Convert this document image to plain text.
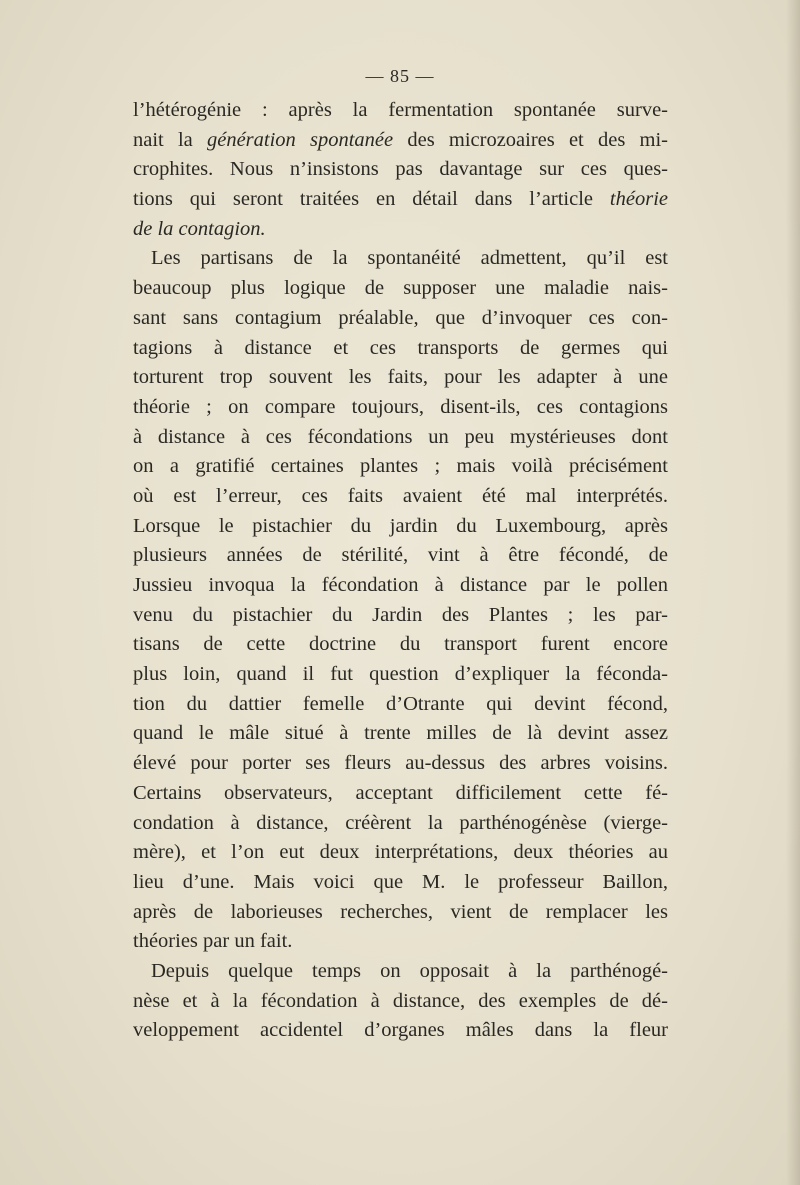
— 85 —
l’hétérogénie : après la fermentation spontanée surve-
nait la génération spontanée des microzoaires et des mi-
crophites. Nous n’insistons pas davantage sur ces ques-
tions qui seront traitées en détail dans l’article théorie
de la contagion.
Les partisans de la spontanéité admettent, qu’il est
beaucoup plus logique de supposer une maladie nais-
sant sans contagium préalable, que d’invoquer ces con-
tagions à distance et ces transports de germes qui
torturent trop souvent les faits, pour les adapter à une
théorie ; on compare toujours, disent-ils, ces contagions
à distance à ces fécondations un peu mystérieuses dont
on a gratifié certaines plantes ; mais voilà précisément
où est l’erreur, ces faits avaient été mal interprétés.
Lorsque le pistachier du jardin du Luxembourg, après
plusieurs années de stérilité, vint à être fécondé, de
Jussieu invoqua la fécondation à distance par le pollen
venu du pistachier du Jardin des Plantes ; les par-
tisans de cette doctrine du transport furent encore
plus loin, quand il fut question d’expliquer la féconda-
tion du dattier femelle d’Otrante qui devint fécond,
quand le mâle situé à trente milles de là devint assez
élevé pour porter ses fleurs au-dessus des arbres voisins.
Certains observateurs, acceptant difficilement cette fé-
condation à distance, créèrent la parthénogénèse (vierge-
mère), et l’on eut deux interprétations, deux théories au
lieu d’une. Mais voici que M. le professeur Baillon,
après de laborieuses recherches, vient de remplacer les
théories par un fait.
Depuis quelque temps on opposait à la parthénogé-
nèse et à la fécondation à distance, des exemples de dé-
veloppement accidentel d’organes mâles dans la fleur
